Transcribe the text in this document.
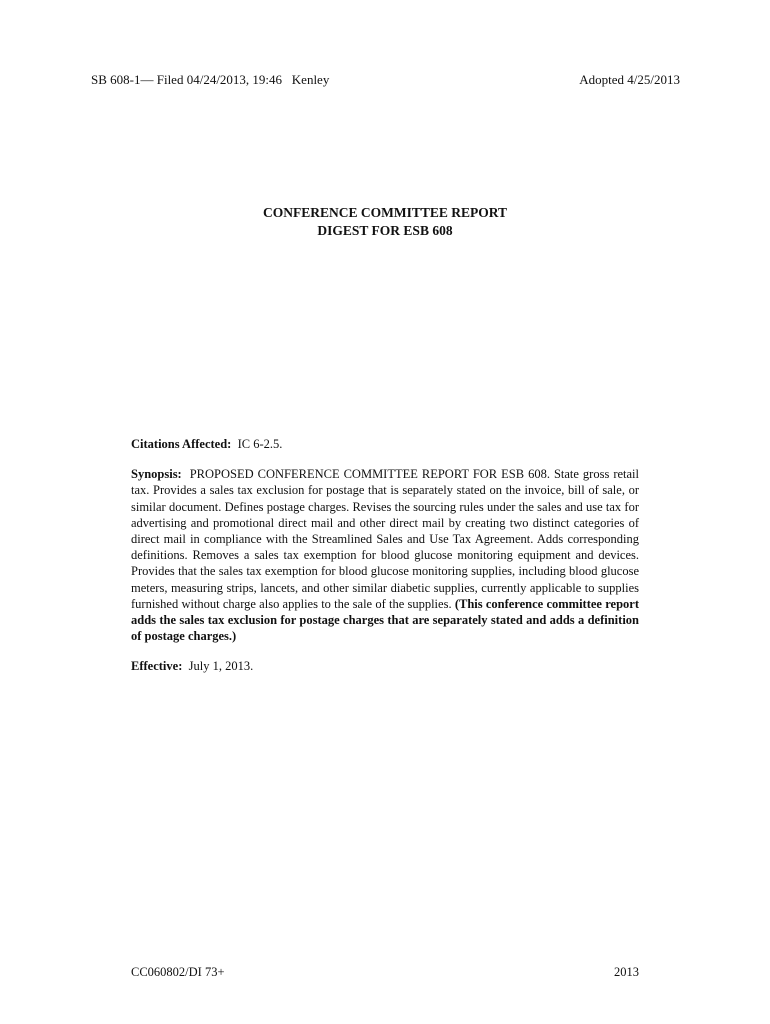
SB 608-1— Filed 04/24/2013, 19:46   Kenley	Adopted 4/25/2013
CONFERENCE COMMITTEE REPORT
DIGEST FOR ESB 608

Citations Affected: IC 6-2.5.

Synopsis: PROPOSED CONFERENCE COMMITTEE REPORT FOR ESB 608. State gross retail tax. Provides a sales tax exclusion for postage that is separately stated on the invoice, bill of sale, or similar document. Defines postage charges. Revises the sourcing rules under the sales and use tax for advertising and promotional direct mail and other direct mail by creating two distinct categories of direct mail in compliance with the Streamlined Sales and Use Tax Agreement. Adds corresponding definitions. Removes a sales tax exemption for blood glucose monitoring equipment and devices. Provides that the sales tax exemption for blood glucose monitoring supplies, including blood glucose meters, measuring strips, lancets, and other similar diabetic supplies, currently applicable to supplies furnished without charge also applies to the sale of the supplies. (This conference committee report adds the sales tax exclusion for postage charges that are separately stated and adds a definition of postage charges.)

Effective: July 1, 2013.

CC060802/DI 73+	2013
